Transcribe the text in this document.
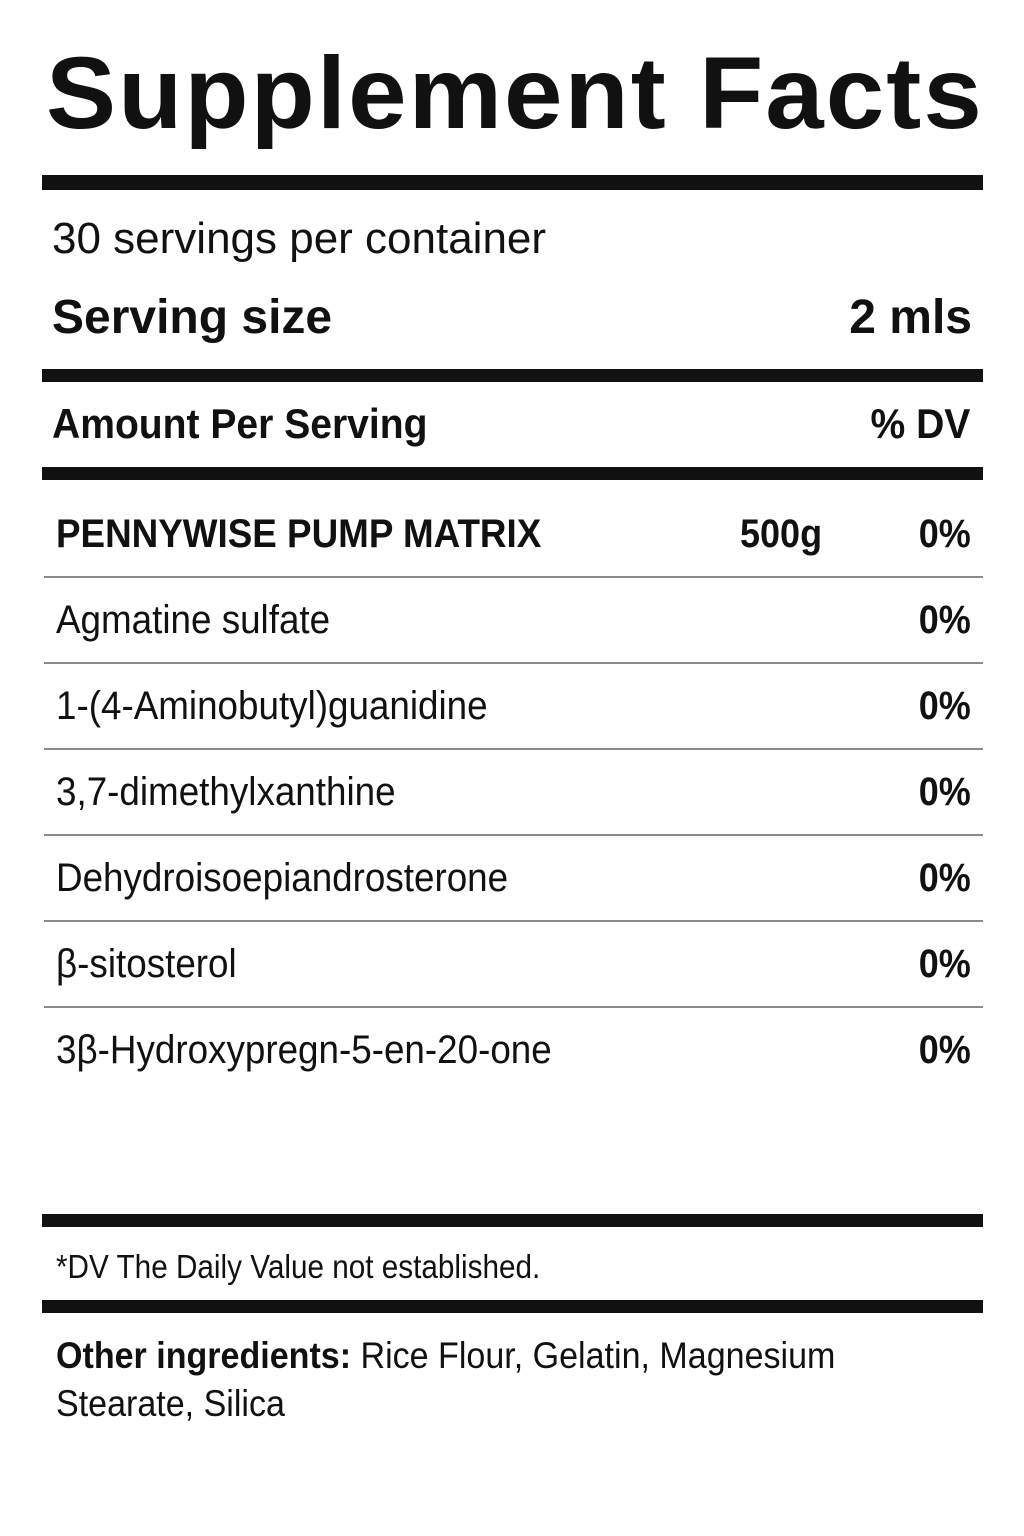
Supplement Facts
30 servings per container
Serving size	2 mls
Amount Per Serving	% DV
PENNYWISE PUMP MATRIX	500g 0%
Agmatine sulfate	0%
1-(4-Aminobutyl)guanidine	0%
3,7-dimethylxanthine	0%
Dehydroisoepiandrosterone	0%
β-sitosterol	0%
3β-Hydroxypregn-5-en-20-one	0%
*DV The Daily Value not established.
Other ingredients: Rice Flour, Gelatin, Magnesium Stearate, Silica
